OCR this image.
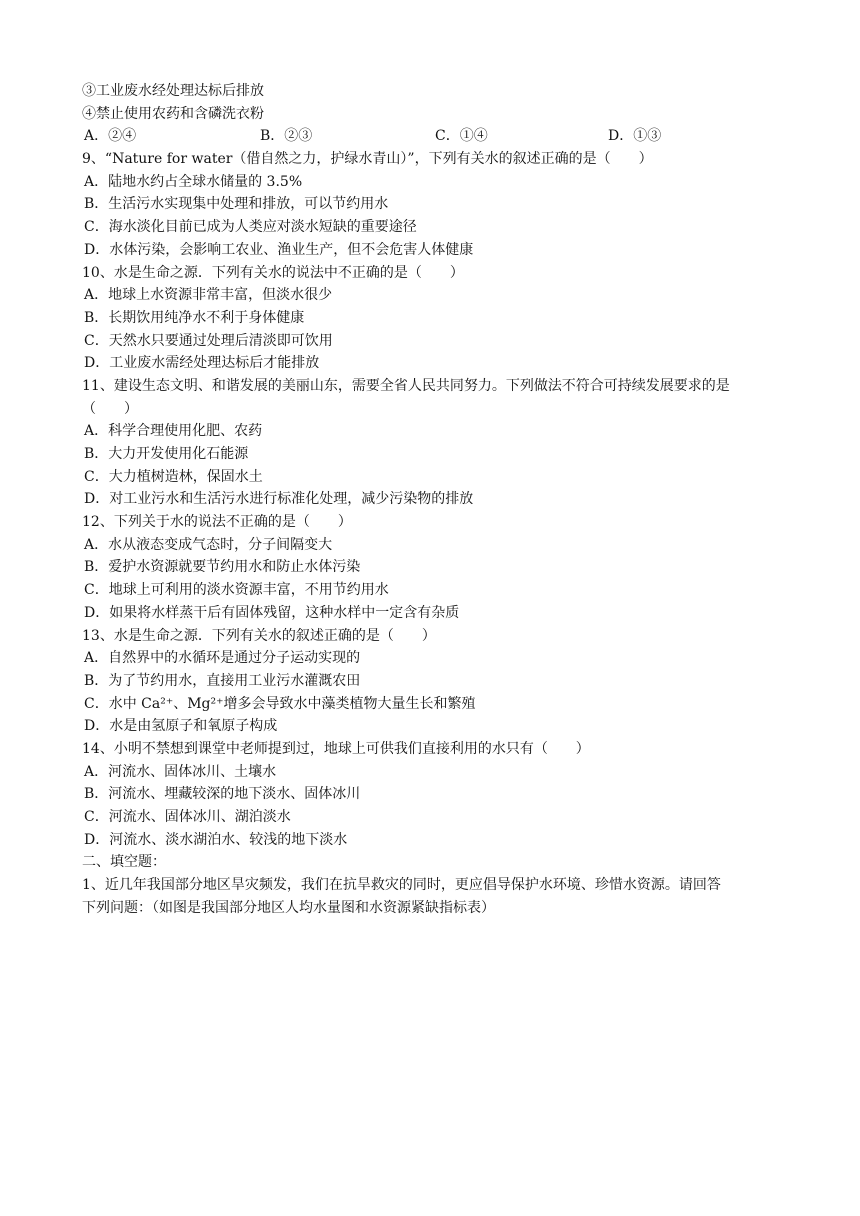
③工业废水经处理达标后排放
④禁止使用农药和含磷洗衣粉
A．②④	B．②③	C．①④	D．①③
9、“Nature for water（借自然之力，护绿水青山）”，下列有关水的叙述正确的是（　　）
A．陆地水约占全球水储量的 3.5%
B．生活污水实现集中处理和排放，可以节约用水
C．海水淡化目前已成为人类应对淡水短缺的重要途径
D．水体污染，会影响工农业、渔业生产，但不会危害人体健康
10、水是生命之源．下列有关水的说法中不正确的是（　　）
A．地球上水资源非常丰富，但淡水很少
B．长期饮用纯净水不利于身体健康
C．天然水只要通过处理后清淡即可饮用
D．工业废水需经处理达标后才能排放
11、建设生态文明、和谐发展的美丽山东，需要全省人民共同努力。下列做法不符合可持续发展要求的是
（　　）
A．科学合理使用化肥、农药
B．大力开发使用化石能源
C．大力植树造林，保固水土
D．对工业污水和生活污水进行标准化处理，减少污染物的排放
12、下列关于水的说法不正确的是（　　）
A．水从液态变成气态时，分子间隔变大
B．爱护水资源就要节约用水和防止水体污染
C．地球上可利用的淡水资源丰富，不用节约用水
D．如果将水样蒸干后有固体残留，这种水样中一定含有杂质
13、水是生命之源．下列有关水的叙述正确的是（　　）
A．自然界中的水循环是通过分子运动实现的
B．为了节约用水，直接用工业污水灌溉农田
C．水中 Ca²⁺、Mg²⁺增多会导致水中藻类植物大量生长和繁殖
D．水是由氢原子和氧原子构成
14、小明不禁想到课堂中老师提到过，地球上可供我们直接利用的水只有（　　）
A．河流水、固体冰川、土壤水
B．河流水、埋藏较深的地下淡水、固体冰川
C．河流水、固体冰川、湖泊淡水
D．河流水、淡水湖泊水、较浅的地下淡水
二、填空题：
1、近几年我国部分地区旱灾频发，我们在抗旱救灾的同时，更应倡导保护水环境、珍惜水资源。请回答
下列问题：（如图是我国部分地区人均水量图和水资源紧缺指标表）
